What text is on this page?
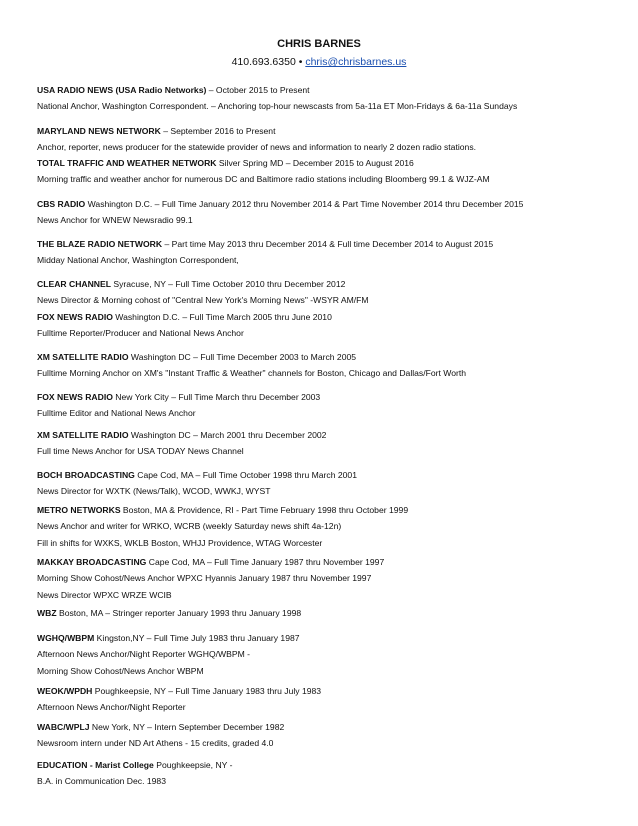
CHRIS BARNES
410.693.6350 • chris@chrisbarnes.us
USA RADIO NEWS (USA Radio Networks) – October 2015 to Present
National Anchor, Washington Correspondent. – Anchoring top-hour newscasts from 5a-11a ET Mon-Fridays & 6a-11a Sundays
MARYLAND NEWS NETWORK – September 2016 to Present
Anchor, reporter, news producer for the statewide provider of news and information to nearly 2 dozen radio stations.
TOTAL TRAFFIC AND WEATHER NETWORK Silver Spring MD – December 2015 to August 2016
Morning traffic and weather anchor for numerous DC and Baltimore radio stations including Bloomberg 99.1 & WJZ-AM
CBS RADIO Washington D.C. – Full Time January 2012 thru November 2014 & Part Time November 2014 thru December 2015
News Anchor for WNEW Newsradio 99.1
THE BLAZE RADIO NETWORK – Part time May 2013 thru December 2014 & Full time December 2014 to August 2015
Midday National Anchor, Washington Correspondent,
CLEAR CHANNEL Syracuse, NY – Full Time October 2010 thru December 2012
News Director & Morning cohost of "Central New York's Morning News" -WSYR AM/FM
FOX NEWS RADIO Washington D.C. – Full Time March 2005 thru June 2010
Fulltime Reporter/Producer and National News Anchor
XM SATELLITE RADIO Washington DC – Full Time December 2003 to March 2005
Fulltime Morning Anchor on XM's "Instant Traffic & Weather" channels for Boston, Chicago and Dallas/Fort Worth
FOX NEWS RADIO New York City – Full Time March thru December 2003
Fulltime Editor and National News Anchor
XM SATELLITE RADIO Washington DC – March 2001 thru December 2002
Full time News Anchor for USA TODAY News Channel
BOCH BROADCASTING Cape Cod, MA – Full Time October 1998 thru March 2001
News Director for WXTK (News/Talk), WCOD, WWKJ, WYST
METRO NETWORKS Boston, MA & Providence, RI - Part Time February 1998 thru October 1999
News Anchor and writer for WRKO, WCRB (weekly Saturday news shift 4a-12n)
Fill in shifts for WXKS, WKLB Boston, WHJJ Providence, WTAG Worcester
MAKKAY BROADCASTING Cape Cod, MA – Full Time January 1987 thru November 1997
Morning Show Cohost/News Anchor WPXC Hyannis January 1987 thru November 1997
News Director WPXC WRZE WCIB
WBZ Boston, MA – Stringer reporter January 1993 thru January 1998
WGHQ/WBPM Kingston,NY – Full Time July 1983 thru January 1987
Afternoon News Anchor/Night Reporter WGHQ/WBPM -
Morning Show Cohost/News Anchor WBPM
WEOK/WPDH Poughkeepsie, NY – Full Time January 1983 thru July 1983
Afternoon News Anchor/Night Reporter
WABC/WPLJ New York, NY – Intern September December 1982
Newsroom intern under ND Art Athens - 15 credits, graded 4.0
EDUCATION - Marist College Poughkeepsie, NY -
B.A. in Communication Dec. 1983
